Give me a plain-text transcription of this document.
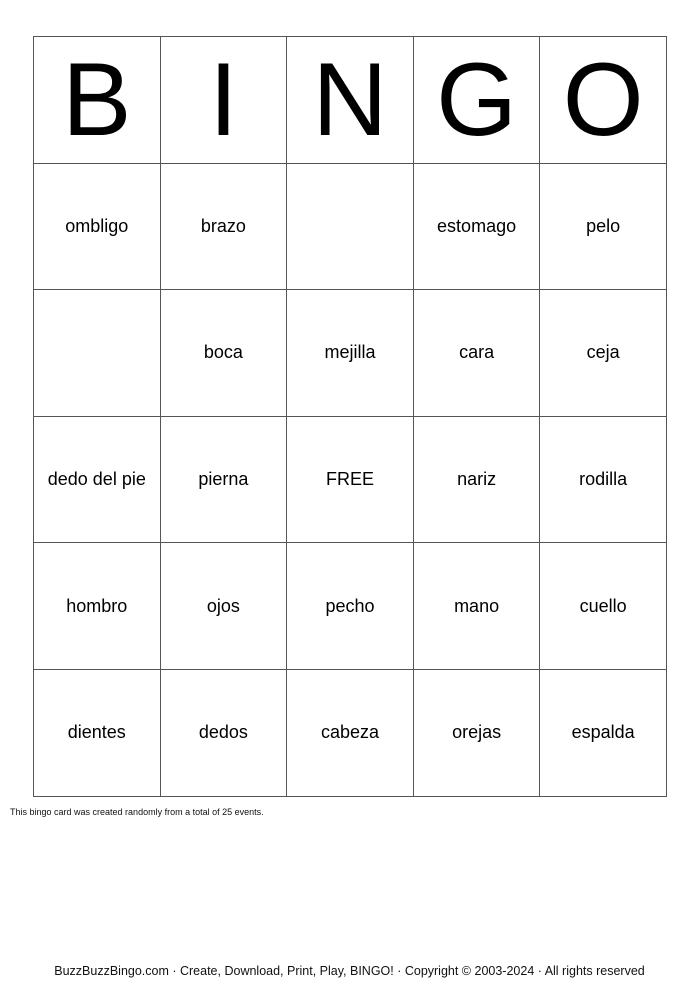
B	I	N	G	O
ombligo	brazo		estomago	pelo
	boca	mejilla	cara	ceja
dedo del pie	pierna	FREE	nariz	rodilla
hombro	ojos	pecho	mano	cuello
dientes	dedos	cabeza	orejas	espalda
This bingo card was created randomly from a total of 25 events.
BuzzBuzzBingo.com · Create, Download, Print, Play, BINGO! · Copyright © 2003-2024 · All rights reserved
